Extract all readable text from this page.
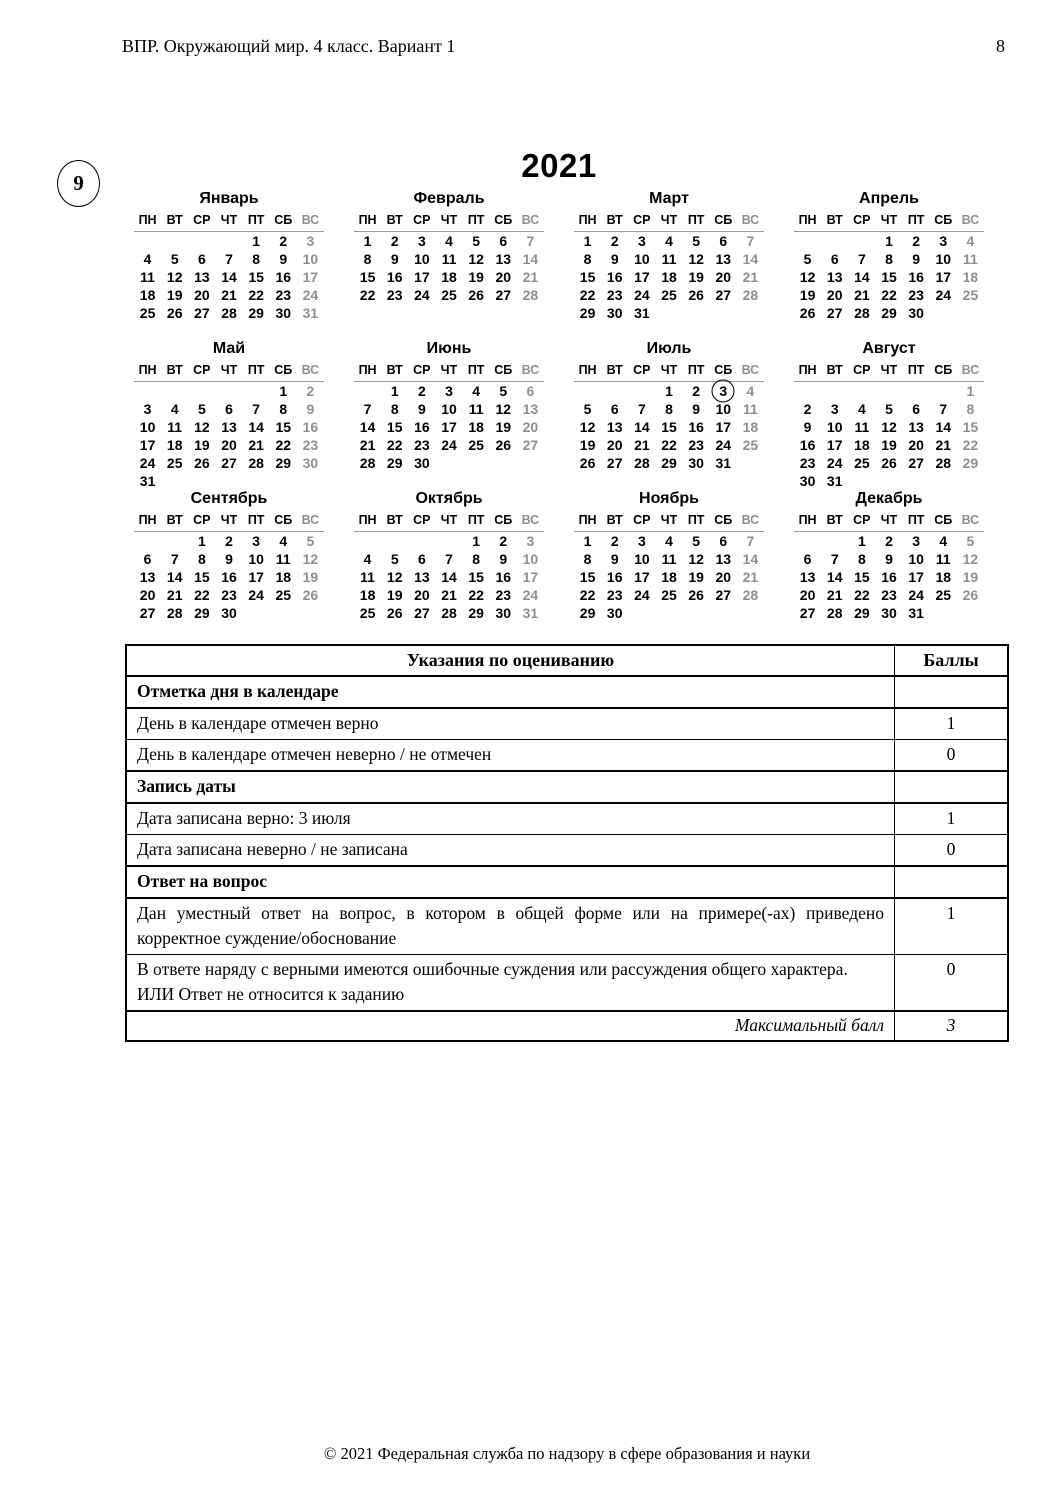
ВПР. Окружающий мир. 4 класс. Вариант 1	8
9	2021
Январь
ПН	ВТ	СР	ЧТ	ПТ	СБ	ВС
				1	2	3
4	5	6	7	8	9	10
11	12	13	14	15	16	17
18	19	20	21	22	23	24
25	26	27	28	29	30	31
Февраль
ПН	ВТ	СР	ЧТ	ПТ	СБ	ВС
1	2	3	4	5	6	7
8	9	10	11	12	13	14
15	16	17	18	19	20	21
22	23	24	25	26	27	28
Март
ПН	ВТ	СР	ЧТ	ПТ	СБ	ВС
1	2	3	4	5	6	7
8	9	10	11	12	13	14
15	16	17	18	19	20	21
22	23	24	25	26	27	28
29	30	31				
Апрель
ПН	ВТ	СР	ЧТ	ПТ	СБ	ВС
			1	2	3	4
5	6	7	8	9	10	11
12	13	14	15	16	17	18
19	20	21	22	23	24	25
26	27	28	29	30		
Май
ПН	ВТ	СР	ЧТ	ПТ	СБ	ВС
					1	2
3	4	5	6	7	8	9
10	11	12	13	14	15	16
17	18	19	20	21	22	23
24	25	26	27	28	29	30
31						
Июнь
ПН	ВТ	СР	ЧТ	ПТ	СБ	ВС
	1	2	3	4	5	6
7	8	9	10	11	12	13
14	15	16	17	18	19	20
21	22	23	24	25	26	27
28	29	30				
Июль
ПН	ВТ	СР	ЧТ	ПТ	СБ	ВС
			1	2	3	4
5	6	7	8	9	10	11
12	13	14	15	16	17	18
19	20	21	22	23	24	25
26	27	28	29	30	31	
Август
ПН	ВТ	СР	ЧТ	ПТ	СБ	ВС
						1
2	3	4	5	6	7	8
9	10	11	12	13	14	15
16	17	18	19	20	21	22
23	24	25	26	27	28	29
30	31					
Сентябрь
ПН	ВТ	СР	ЧТ	ПТ	СБ	ВС
		1	2	3	4	5
6	7	8	9	10	11	12
13	14	15	16	17	18	19
20	21	22	23	24	25	26
27	28	29	30			
Октябрь
ПН	ВТ	СР	ЧТ	ПТ	СБ	ВС
				1	2	3
4	5	6	7	8	9	10
11	12	13	14	15	16	17
18	19	20	21	22	23	24
25	26	27	28	29	30	31
Ноябрь
ПН	ВТ	СР	ЧТ	ПТ	СБ	ВС
1	2	3	4	5	6	7
8	9	10	11	12	13	14
15	16	17	18	19	20	21
22	23	24	25	26	27	28
29	30					
Декабрь
ПН	ВТ	СР	ЧТ	ПТ	СБ	ВС
		1	2	3	4	5
6	7	8	9	10	11	12
13	14	15	16	17	18	19
20	21	22	23	24	25	26
27	28	29	30	31		
Указания по оцениванию	Баллы

Отметка дня в календаре	

День в календаре отмечен верно	1

День в календаре отмечен неверно / не отмечен	0

Запись даты	

Дата записана верно: 3 июля	1

Дата записана неверно / не записана	0

Ответ на вопрос	

Дан уместный ответ на вопрос, в котором в общей форме или на примере(-ах) приведено корректное суждение/обоснование	1

В ответе наряду с верными имеются ошибочные суждения или рассуждения общего характера.
ИЛИ Ответ не относится к заданию	0

Максимальный балл	3
© 2021 Федеральная служба по надзору в сфере образования и науки
